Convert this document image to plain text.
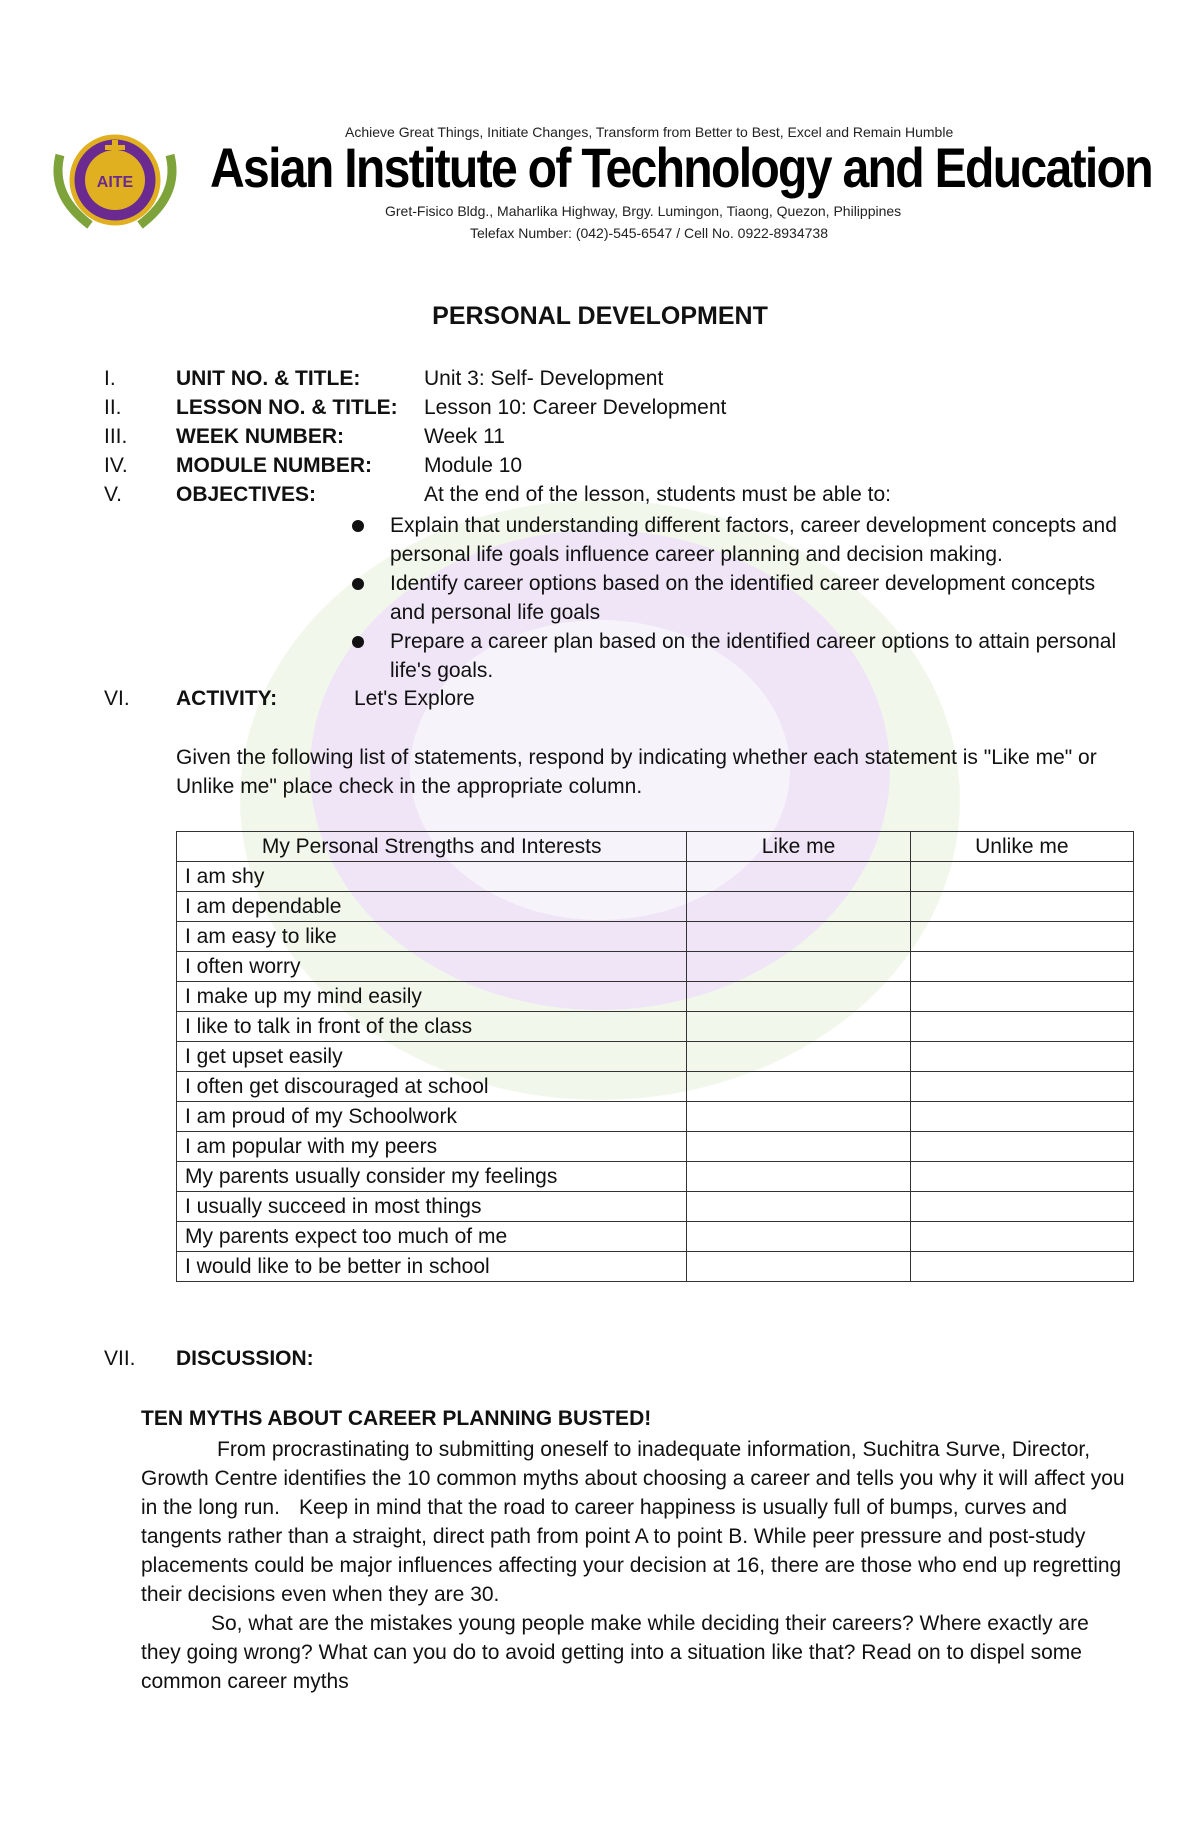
AITE
Achieve Great Things, Initiate Changes, Transform from Better to Best, Excel and Remain Humble
Asian Institute of Technology and Education
Gret-Fisico Bldg., Maharlika Highway, Brgy. Lumingon, Tiaong, Quezon, Philippines
Telefax Number: (042)-545-6547 / Cell No. 0922-8934738
PERSONAL DEVELOPMENT
I.	UNIT NO. & TITLE:	Unit 3: Self- Development
II.	LESSON NO. & TITLE: Lesson 10: Career Development
III. WEEK NUMBER:	Week 11
IV. MODULE NUMBER: Module 10
V.	OBJECTIVES:	At the end of the lesson, students must be able to:
Explain that understanding different factors, career development concepts and personal life goals influence career planning and decision making.
Identify career options based on the identified career development concepts and personal life goals
Prepare a career plan based on the identified career options to attain personal life's goals.
VI. ACTIVITY:	Let's Explore
Given the following list of statements, respond by indicating whether each statement is "Like me" or Unlike me" place check in the appropriate column.
My Personal Strengths and Interests	Like me	Unlike me
I am shy		
I am dependable		
I am easy to like		
I often worry		
I make up my mind easily		
I like to talk in front of the class		
I get upset easily		
I often get discouraged at school		
I am proud of my Schoolwork		
I am popular with my peers		
My parents usually consider my feelings		
I usually succeed in most things		
My parents expect too much of me		
I would like to be better in school		
VII. DISCUSSION:
TEN MYTHS ABOUT CAREER PLANNING BUSTED!
From procrastinating to submitting oneself to inadequate information, Suchitra Surve, Director, Growth Centre identifies the 10 common myths about choosing a career and tells you why it will affect you in the long run. Keep in mind that the road to career happiness is usually full of bumps, curves and tangents rather than a straight, direct path from point A to point B. While peer pressure and post-study placements could be major influences affecting your decision at 16, there are those who end up regretting their decisions even when they are 30.
So, what are the mistakes young people make while deciding their careers? Where exactly are they going wrong? What can you do to avoid getting into a situation like that? Read on to dispel some common career myths
